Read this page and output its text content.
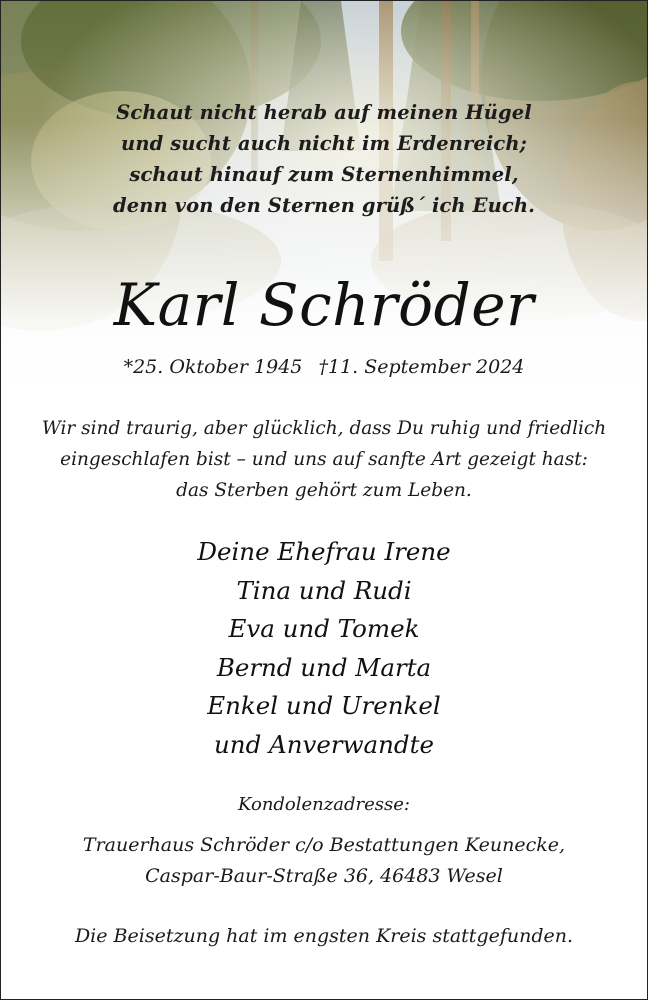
Schaut nicht herab auf meinen Hügel
und sucht auch nicht im Erdenreich;
schaut hinauf zum Sternenhimmel,
denn von den Sternen grüß´ ich Euch.
Karl Schröder
*25. Oktober 1945 †11. September 2024
Wir sind traurig, aber glücklich, dass Du ruhig und friedlich
eingeschlafen bist – und uns auf sanfte Art gezeigt hast:
das Sterben gehört zum Leben.
Deine Ehefrau Irene
Tina und Rudi
Eva und Tomek
Bernd und Marta
Enkel und Urenkel
und Anverwandte
Kondolenzadresse:
Trauerhaus Schröder c/o Bestattungen Keunecke,
Caspar-Baur-Straße 36, 46483 Wesel
Die Beisetzung hat im engsten Kreis stattgefunden.
